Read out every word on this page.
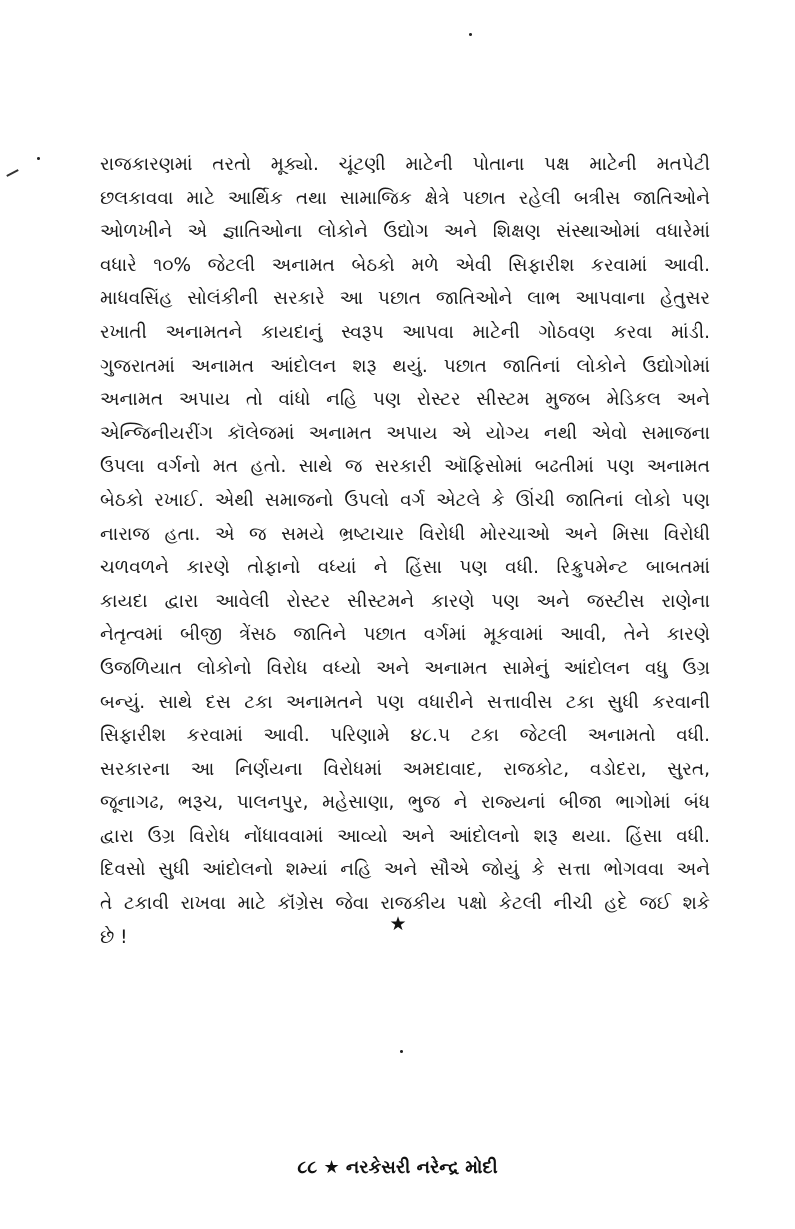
રાજકારણમાં તરતો મૂક્યો. ચૂંટણી માટેની પોતાના પક્ષ માટેની મતપેટી
છલકાવવા માટે આર્થિક તથા સામાજિક ક્ષેત્રે પછાત રહેલી બત્રીસ જાતિઓને
ઓળખીને એ જ્ઞાતિઓના લોકોને ઉદ્યોગ અને શિક્ષણ સંસ્થાઓમાં વધારેમાં
વધારે ૧૦% જેટલી અનામત બેઠકો મળે એવી સિફારીશ કરવામાં આવી.
માધવસિંહ સોલંકીની સરકારે આ પછાત જાતિઓને લાભ આપવાના હેતુસર
રખાતી અનામતને કાયદાનું સ્વરૂપ આપવા માટેની ગોઠવણ કરવા માંડી.
ગુજરાતમાં અનામત આંદોલન શરૂ થયું. પછાત જાતિનાં લોકોને ઉદ્યોગોમાં
અનામત અપાય તો વાંધો નહિ પણ રોસ્ટર સીસ્ટમ મુજબ મેડિકલ અને
એન્જિનીયરીંગ કૉલેજમાં અનામત અપાય એ યોગ્ય નથી એવો સમાજના
ઉપલા વર્ગનો મત હતો. સાથે જ સરકારી ઑફિસોમાં બઢતીમાં પણ અનામત
બેઠકો રખાઈ. એથી સમાજનો ઉપલો વર્ગ એટલે કે ઊંચી જાતિનાં લોકો પણ
નારાજ હતા. એ જ સમયે ભ્રષ્ટાચાર વિરોધી મોરચાઓ અને મિસા વિરોધી
ચળવળને કારણે તોફાનો વધ્યાં ને હિંસા પણ વધી. રિક્રુપમેન્ટ બાબતમાં
કાયદા દ્વારા આવેલી રોસ્ટર સીસ્ટમને કારણે પણ અને જસ્ટીસ રાણેના
નેતૃત્વમાં બીજી ત્રેંસઠ જાતિને પછાત વર્ગમાં મૂકવામાં આવી, તેને કારણે
ઉજળિયાત લોકોનો વિરોધ વધ્યો અને અનામત સામેનું આંદોલન વધુ ઉગ્ર
બન્યું. સાથે દસ ટકા અનામતને પણ વધારીને સત્તાવીસ ટકા સુધી કરવાની
સિફારીશ કરવામાં આવી. પરિણામે ૪૮.૫ ટકા જેટલી અનામતો વધી.
સરકારના આ નિર્ણયના વિરોધમાં અમદાવાદ, રાજકોટ, વડોદરા, સુરત,
જૂનાગઢ, ભરૂચ, પાલનપુર, મહેસાણા, ભુજ ને રાજ્યનાં બીજા ભાગોમાં બંધ
દ્વારા ઉગ્ર વિરોધ નોંધાવવામાં આવ્યો અને આંદોલનો શરૂ થયા. હિંસા વધી.
દિવસો સુધી આંદોલનો શમ્યાં નહિ અને સૌએ જોયું કે સત્તા ભોગવવા અને
તે ટકાવી રાખવા માટે કૉંગ્રેસ જેવા રાજકીય પક્ષો કેટલી નીચી હદે જઈ શકે
છે !
★
૮૮ ★ નરકેસરી નરેન્દ્ર મોદી
